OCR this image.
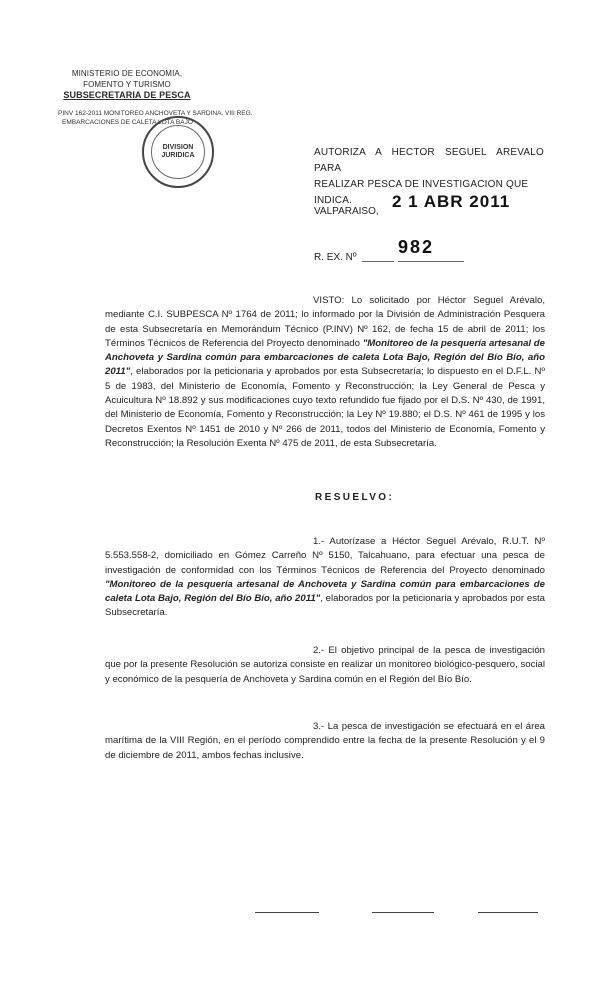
MINISTERIO DE ECONOMIA,
FOMENTO Y TURISMO
SUBSECRETARIA DE PESCA
PINV 162-2011 MONITOREO ANCHOVETA Y SARDINA, VIII REG.
EMBARCACIONES DE CALETA LOTA BAJO
DIVISION
JURIDICA	AUTORIZA A HECTOR SEGUEL AREVALO PARA
REALIZAR PESCA DE INVESTIGACION QUE INDICA.
VALPARAISO,
2 1 ABR 2011
R. EX. Nº
982
VISTO: Lo solicitado por Héctor Seguel Arévalo, mediante C.I. SUBPESCA Nº 1764 de 2011; lo informado por la División de Administración Pesquera de esta Subsecretaría en Memorándum Técnico (P.INV) Nº 162, de fecha 15 de abril de 2011; los Términos Técnicos de Referencia del Proyecto denominado "Monitoreo de la pesquería artesanal de Anchoveta y Sardina común para embarcaciones de caleta Lota Bajo, Región del Bío Bío, año 2011", elaborados por la peticionaria y aprobados por esta Subsecretaría; lo dispuesto en el D.F.L. Nº 5 de 1983, del Ministerio de Economía, Fomento y Reconstrucción; la Ley General de Pesca y Acuicultura Nº 18.892 y sus modificaciones cuyo texto refundido fue fijado por el D.S. Nº 430, de 1991, del Ministerio de Economía, Fomento y Reconstrucción; la Ley Nº 19.880; el D.S. Nº 461 de 1995 y los Decretos Exentos Nº 1451 de 2010 y Nº 266 de 2011, todos del Ministerio de Economía, Fomento y Reconstrucción; la Resolución Exenta Nº 475 de 2011, de esta Subsecretaría.
RESUELVO:
1.- Autorízase a Héctor Seguel Arévalo, R.U.T. Nº 5.553.558-2, domiciliado en Gómez Carreño Nº 5150, Talcahuano, para efectuar una pesca de investigación de conformidad con los Términos Técnicos de Referencia del Proyecto denominado "Monitoreo de la pesquería artesanal de Anchoveta y Sardina común para embarcaciones de caleta Lota Bajo, Región del Bío Bío, año 2011", elaborados por la peticionaria y aprobados por esta Subsecretaría.
2.- El objetivo principal de la pesca de investigación que por la presente Resolución se autoriza consiste en realizar un monitoreo biológico-pesquero, social y económico de la pesquería de Anchoveta y Sardina común en el Región del Bío Bío.
3.- La pesca de investigación se efectuará en el área marítima de la VIII Región, en el período comprendido entre la fecha de la presente Resolución y el 9 de diciembre de 2011, ambos fechas inclusive.
